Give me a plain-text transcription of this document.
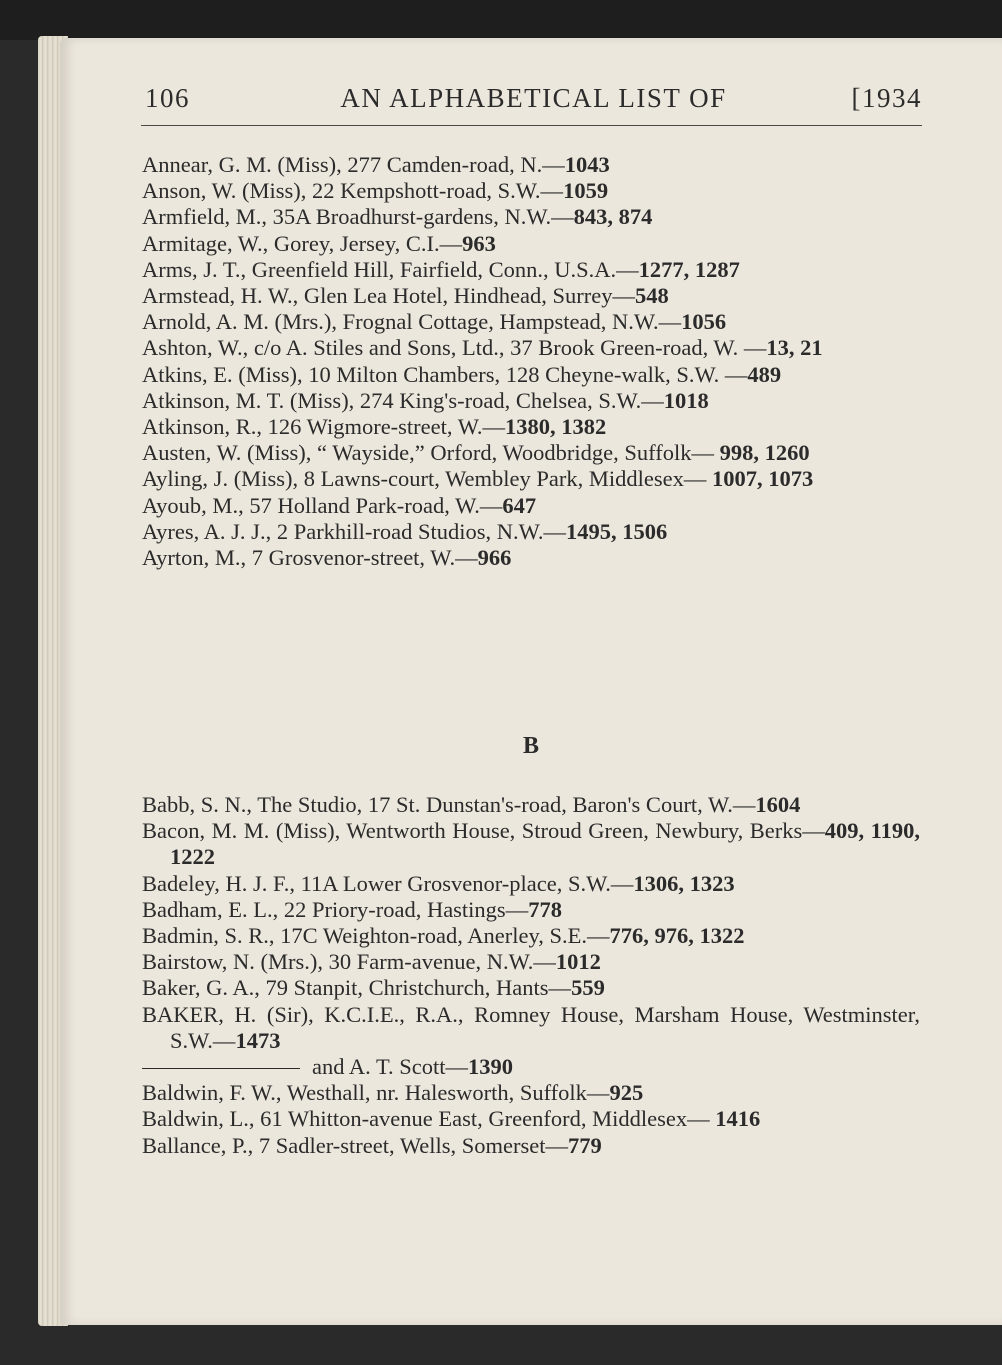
106	AN ALPHABETICAL LIST OF	[1934
Annear, G. M. (Miss), 277 Camden-road, N.—1043
Anson, W. (Miss), 22 Kempshott-road, S.W.—1059
Armfield, M., 35A Broadhurst-gardens, N.W.—843, 874
Armitage, W., Gorey, Jersey, C.I.—963
Arms, J. T., Greenfield Hill, Fairfield, Conn., U.S.A.—1277, 1287
Armstead, H. W., Glen Lea Hotel, Hindhead, Surrey—548
Arnold, A. M. (Mrs.), Frognal Cottage, Hampstead, N.W.—1056
Ashton, W., c/o A. Stiles and Sons, Ltd., 37 Brook Green-road, W. —13, 21
Atkins, E. (Miss), 10 Milton Chambers, 128 Cheyne-walk, S.W. —489
Atkinson, M. T. (Miss), 274 King's-road, Chelsea, S.W.—1018
Atkinson, R., 126 Wigmore-street, W.—1380, 1382
Austen, W. (Miss), “ Wayside,” Orford, Woodbridge, Suffolk— 998, 1260
Ayling, J. (Miss), 8 Lawns-court, Wembley Park, Middlesex— 1007, 1073
Ayoub, M., 57 Holland Park-road, W.—647
Ayres, A. J. J., 2 Parkhill-road Studios, N.W.—1495, 1506
Ayrton, M., 7 Grosvenor-street, W.—966
B
Babb, S. N., The Studio, 17 St. Dunstan's-road, Baron's Court, W.—1604
Bacon, M. M. (Miss), Wentworth House, Stroud Green, Newbury, Berks—409, 1190, 1222
Badeley, H. J. F., 11A Lower Grosvenor-place, S.W.—1306, 1323
Badham, E. L., 22 Priory-road, Hastings—778
Badmin, S. R., 17C Weighton-road, Anerley, S.E.—776, 976, 1322
Bairstow, N. (Mrs.), 30 Farm-avenue, N.W.—1012
Baker, G. A., 79 Stanpit, Christchurch, Hants—559
BAKER, H. (Sir), K.C.I.E., R.A., Romney House, Marsham House, Westminster, S.W.—1473
and A. T. Scott—1390
Baldwin, F. W., Westhall, nr. Halesworth, Suffolk—925
Baldwin, L., 61 Whitton-avenue East, Greenford, Middlesex— 1416
Ballance, P., 7 Sadler-street, Wells, Somerset—779
